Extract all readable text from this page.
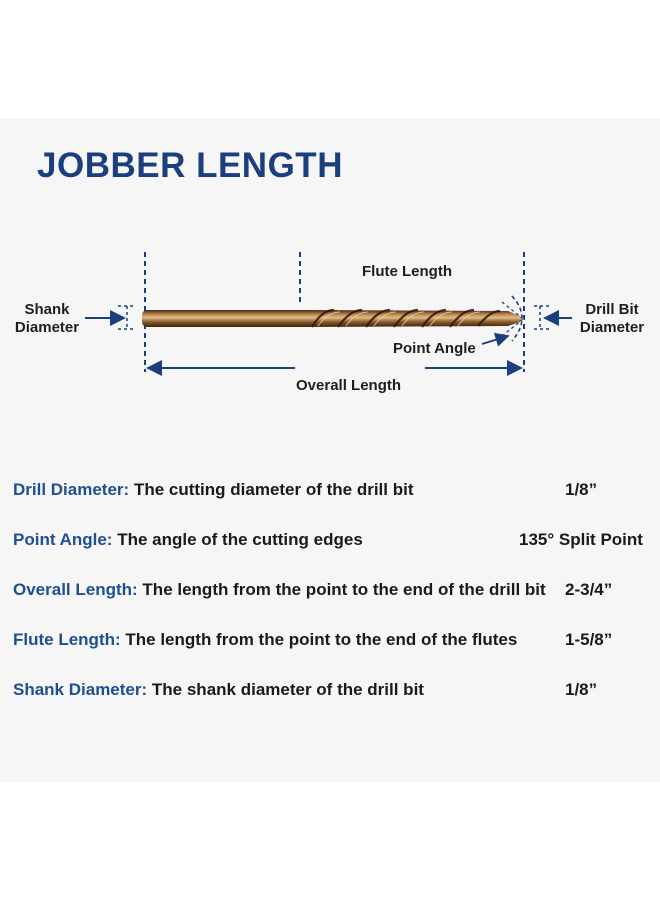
JOBBER LENGTH
Flute Length
Shank
Diameter
Drill Bit
Diameter
Point Angle
Overall Length
Drill Diameter: The cutting diameter of the drill bit	1/8”
Point Angle: The angle of the cutting edges	135° Split Point
Overall Length: The length from the point to the end of the drill bit 2-3/4”
Flute Length: The length from the point to the end of the flutes	1-5/8”
Shank Diameter: The shank diameter of the drill bit	1/8”
